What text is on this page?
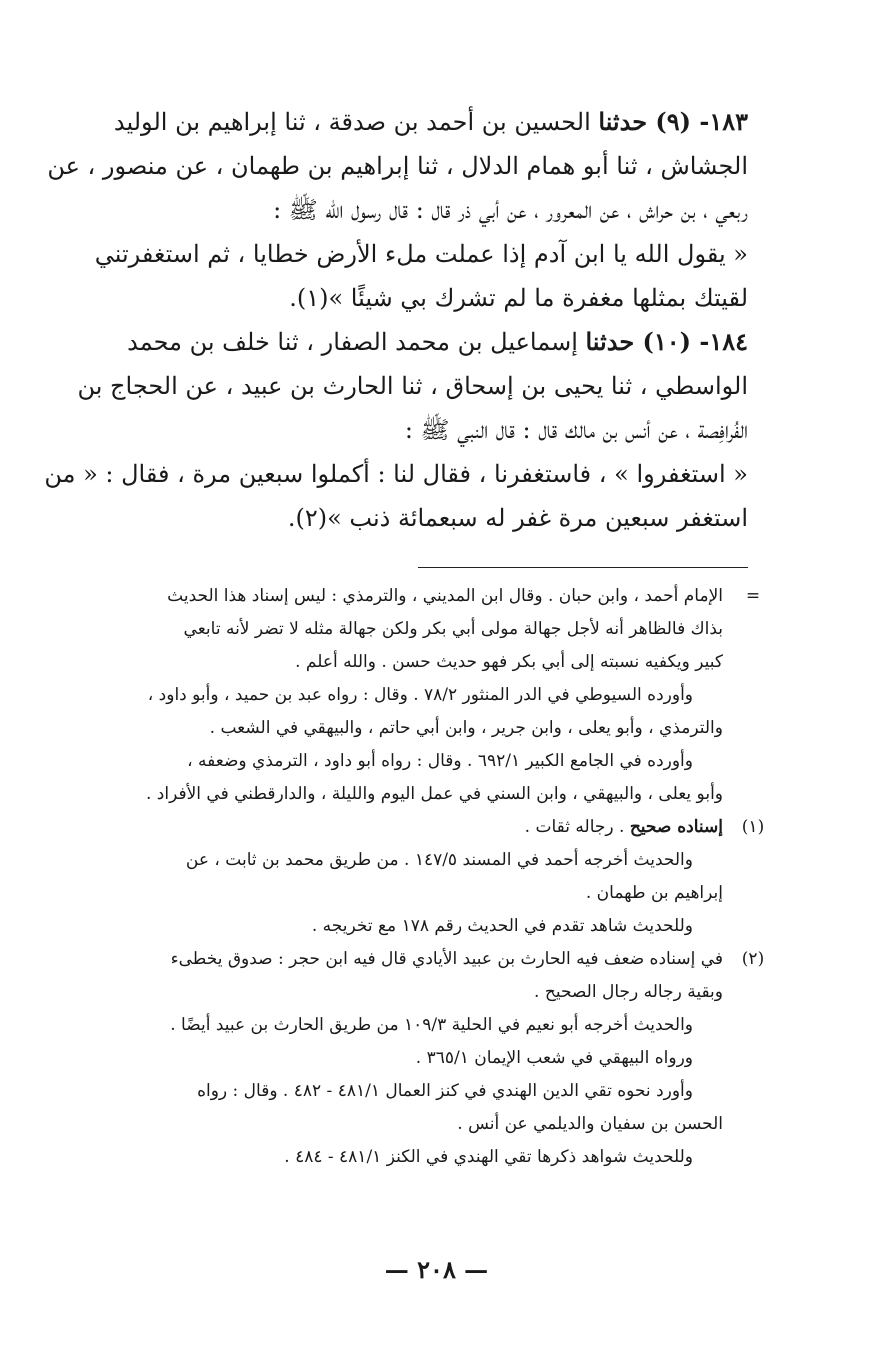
١٨٣- (٩) حدثنا الحسين بن أحمد بن صدقة ، ثنا إبراهيم بن الوليد
الجشاش ، ثنا أبو همام الدلال ، ثنا إبراهيم بن طهمان ، عن منصور ، عن
ربعي ، بن حراش ، عن المعرور ، عن أبي ذر قال : قال رسول الله ﷺ :
« يقول الله يا ابن آدم إذا عملت ملء الأرض خطايا ، ثم استغفرتني
لقيتك بمثلها مغفرة ما لم تشرك بي شيئًا »(١).
١٨٤- (١٠) حدثنا إسماعيل بن محمد الصفار ، ثنا خلف بن محمد
الواسطي ، ثنا يحيى بن إسحاق ، ثنا الحارث بن عبيد ، عن الحجاج بن
الفُرافِصة ، عن أنس بن مالك قال : قال النبي ﷺ :
« استغفروا » ، فاستغفرنا ، فقال لنا : أكملوا سبعين مرة ، فقال : « من
استغفر سبعين مرة غفر له سبعمائة ذنب »(٢).
=
الإمام أحمد ، وابن حبان . وقال ابن المديني ، والترمذي : ليس إسناد هذا الحديث
بذاك فالظاهر أنه لأجل جهالة مولى أبي بكر ولكن جهالة مثله لا تضر لأنه تابعي
كبير ويكفيه نسبته إلى أبي بكر فهو حديث حسن . والله أعلم .
وأورده السيوطي في الدر المنثور ٧٨/٢ . وقال : رواه عبد بن حميد ، وأبو داود ،
والترمذي ، وأبو يعلى ، وابن جرير ، وابن أبي حاتم ، والبيهقي في الشعب .
وأورده في الجامع الكبير ٦٩٢/١ . وقال : رواه أبو داود ، الترمذي وضعفه ،
وأبو يعلى ، والبيهقي ، وابن السني في عمل اليوم والليلة ، والدارقطني في الأفراد .
(١)
إسناده صحيح . رجاله ثقات .
والحديث أخرجه أحمد في المسند ١٤٧/٥ . من طريق محمد بن ثابت ، عن
إبراهيم بن طهمان .
وللحديث شاهد تقدم في الحديث رقم ١٧٨ مع تخريجه .
(٢)
في إسناده ضعف فيه الحارث بن عبيد الأيادي قال فيه ابن حجر : صدوق يخطىء
وبقية رجاله رجال الصحيح .
والحديث أخرجه أبو نعيم في الحلية ١٠٩/٣ من طريق الحارث بن عبيد أيضًا .
ورواه البيهقي في شعب الإيمان ٣٦٥/١ .
وأورد نحوه تقي الدين الهندي في كنز العمال ٤٨١/١ - ٤٨٢ . وقال : رواه
الحسن بن سفيان والديلمي عن أنس .
وللحديث شواهد ذكرها تقي الهندي في الكنز ٤٨١/١ - ٤٨٤ .
— ٢٠٨ —
